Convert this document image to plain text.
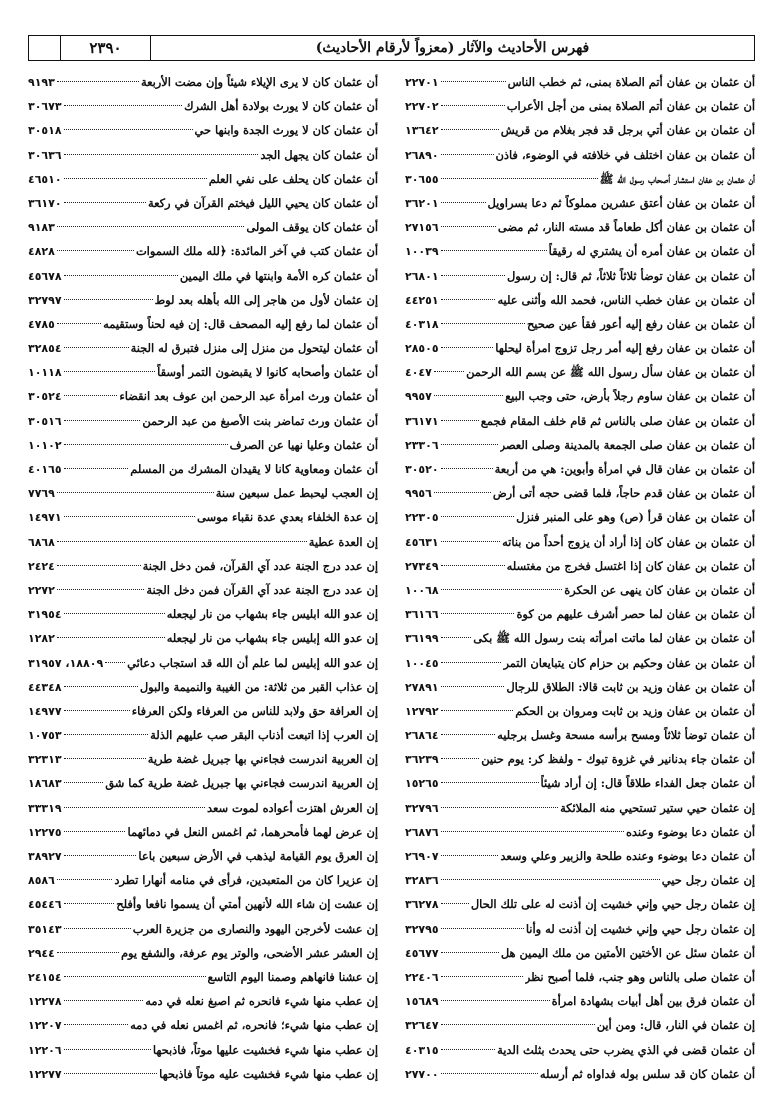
٢٣٩٠	فهرس الأحاديث والآثار (معزواً لأرقام الأحاديث)
أن عثمان بن عفان أتم الصلاة بمنى، ثم خطب الناس
٢٢٧٠١
أن عثمان بن عفان أتم الصلاة بمنى من أجل الأعراب
٢٢٧٠٢
أن عثمان بن عفان أتي برجل قد فجر بغلام من قريش
١٣٦٤٢
أن عثمان بن عفان اختلف في خلافته في الوضوء، فاذن
٢٦٨٩٠
أن عثمان بن عفان استشار أصحاب رسول الله ﷺ
٣٠٦٥٥
أن عثمان بن عفان أعتق عشرين مملوكاً ثم دعا بسراويل
٣٦٢٠١
أن عثمان بن عفان أكل طعاماً قد مسته النار، ثم مضى
٢٧١٥٦
أن عثمان بن عفان أمره أن يشتري له رقيقاً
١٠٠٣٩
أن عثمان بن عفان توضأ ثلاثاً ثلاثاً، ثم قال: إن رسول
٢٦٨٠١
أن عثمان بن عفان خطب الناس، فحمد الله وأثنى عليه
٤٤٢٥١
أن عثمان بن عفان رفع إليه أعور فقأ عين صحيح
٤٠٣١٨
أن عثمان بن عفان رفع إليه أمر رجل تزوج امرأة ليحلها
٢٨٥٠٥
أن عثمان بن عفان سأل رسول الله ﷺ عن بسم الله الرحمن
٤٠٤٧
أن عثمان بن عفان ساوم رجلاً بأرض، حتى وجب البيع
٩٩٥٧
أن عثمان بن عفان صلى بالناس ثم قام خلف المقام فجمع
٣٦١٧١
أن عثمان بن عفان صلى الجمعة بالمدينة وصلى العصر
٢٣٣٠٦
أن عثمان بن عفان قال في امرأة وأبوين: هي من أربعة
٣٠٥٢٠
أن عثمان بن عفان قدم حاجاً، فلما قضى حجه أتى أرض
٩٩٥٦
أن عثمان بن عفان قرأ (ص) وهو على المنبر فنزل
٢٢٣٠٥
أن عثمان بن عفان كان إذا أراد أن يزوج أحداً من بناته
٤٥٦٣١
أن عثمان بن عفان كان إذا اغتسل فخرج من مغتسله
٢٧٣٤٩
أن عثمان بن عفان كان ينهى عن الحكرة
١٠٠٦٨
أن عثمان بن عفان لما حصر أشرف عليهم من كوة
٣٦١٦٦
أن عثمان بن عفان لما ماتت امرأته بنت رسول الله ﷺ بكى
٣٦١٩٩
أن عثمان بن عفان وحكيم بن حزام كان يتبايعان التمر
١٠٠٤٥
أن عثمان بن عفان وزيد بن ثابت قالا: الطلاق للرجال
٢٧٨٩١
أن عثمان بن عفان وزيد بن ثابت ومروان بن الحكم
١٢٧٩٢
أن عثمان توضأ ثلاثاً ومسح برأسه مسحة وغسل برجليه
٢٦٨٦٤
أن عثمان جاء بدنانير في غزوة تبوك - ولفظ كر: يوم حنين
٣٦٢٣٩
أن عثمان جعل الفداء طلاقاً قال: إن أراد شيئاً
١٥٢٦٥
إن عثمان حيي ستير تستحيي منه الملائكة
٣٢٧٩٦
أن عثمان دعا بوضوء وعنده
٢٦٨٧٦
أن عثمان دعا بوضوء وعنده طلحة والزبير وعلي وسعد
٢٦٩٠٧
إن عثمان رجل حيي
٣٢٨٣٦
إن عثمان رجل حيي وإني خشيت إن أذنت له على تلك الحال
٣٦٢٧٨
إن عثمان رجل حيي وإني خشيت إن أذنت له وأنا
٣٢٧٩٥
أن عثمان سئل عن الأختين الأمتين من ملك اليمين هل
٤٥٦٧٧
أن عثمان صلى بالناس وهو جنب، فلما أصبح نظر
٢٢٤٠٦
أن عثمان فرق بين أهل أبيات بشهادة امرأة
١٥٦٨٩
إن عثمان في النار، قال: ومن أين
٣٢٦٤٧
أن عثمان قضى في الذي يضرب حتى يحدث بثلث الدية
٤٠٣١٥
أن عثمان كان قد سلس بوله فداواه ثم أرسله
٢٧٧٠٠
أن عثمان كان لا يرى الإيلاء شيئاً وإن مضت الأربعة
٩١٩٣
أن عثمان كان لا يورث بولادة أهل الشرك
٣٠٦٧٣
أن عثمان كان لا يورث الجدة وابنها حي
٣٠٥١٨
أن عثمان كان يجهل الجد
٣٠٦٣٦
أن عثمان كان يحلف على نفي العلم
٤٦٥١٠
أن عثمان كان يحيي الليل فيختم القرآن في ركعة
٣٦١٧٠
أن عثمان كان يوقف المولى
٩١٨٣
أن عثمان كتب في آخر المائدة: ﴿لله ملك السموات
٤٨٢٨
أن عثمان كره الأمة وابنتها في ملك اليمين
٤٥٦٧٨
إن عثمان لأول من هاجر إلى الله بأهله بعد لوط
٣٢٧٩٧
أن عثمان لما رفع إليه المصحف قال: إن فيه لحناً وستقيمه
٤٧٨٥
أن عثمان ليتحول من منزل إلى منزل فتبرق له الجنة
٣٢٨٥٤
أن عثمان وأصحابه كانوا لا يقبضون التمر أوسقاً
١٠١١٨
أن عثمان ورث امرأة عبد الرحمن ابن عوف بعد انقضاء
٣٠٥٢٤
أن عثمان ورث تماضر بنت الأصبغ من عبد الرحمن
٣٠٥١٦
أن عثمان وعليا نهيا عن الصرف
١٠١٠٢
أن عثمان ومعاوية كانا لا يقيدان المشرك من المسلم
٤٠١٦٥
إن العجب ليحبط عمل سبعين سنة
٧٧٦٩
إن عدة الخلفاء بعدي عدة نقباء موسى
١٤٩٧١
إن العدة عطية
٦٨٦٨
إن عدد درج الجنة عدد آي القرآن، فمن دخل الجنة
٢٤٢٤
إن عدد درج الجنة عدد آي القرآن فمن دخل الجنة
٢٢٧٢
إن عدو الله ابليس جاء بشهاب من نار ليجعله
٣١٩٥٤
إن عدو الله إبليس جاء بشهاب من نار ليجعله
١٢٨٢
إن عدو الله إبليس لما علم أن الله قد استجاب دعائي
١٨٨٠٩، ٣١٩٥٧
إن عذاب القبر من ثلاثة: من الغيبة والنميمة والبول
٤٤٣٤٨
إن العرافة حق ولابد للناس من العرفاء ولكن العرفاء
١٤٩٧٧
إن العرب إذا اتبعت أذناب البقر صب عليهم الذلة
١٠٧٥٣
إن العربية اندرست فجاءني بها جبريل غضة طرية
٣٢٣١٣
إن العربية اندرست فجاءني بها جبريل غضة طرية كما شق
١٨٦٨٣
إن العرش اهتزت أعواده لموت سعد
٣٣٣١٩
إن عرض لهما فأمحرهما، ثم اغمس النعل في دمائهما
١٢٢٧٥
إن العرق يوم القيامة ليذهب في الأرض سبعين باعا
٣٨٩٢٧
إن عزيرا كان من المتعبدين، فرأى في منامه أنهارا تطرد
٨٥٨٦
إن عشت إن شاء الله لأنهين أمتي أن يسموا نافعا وأفلح
٤٥٤٤٦
إن عشت لأخرجن اليهود والنصارى من جزيرة العرب
٣٥١٤٣
إن العشر عشر الأضحى، والوتر يوم عرفة، والشفع يوم
٢٩٤٤
إن عشنا فانهاهم وصمنا اليوم التاسع
٢٤١٥٤
إن عطب منها شيء فانحره ثم اصبغ نعله في دمه
١٢٢٧٨
إن عطب منها شيء؛ فانحره، ثم اغمس نعله في دمه
١٢٢٠٧
إن عطب منها شيء فخشيت عليها موتاً، فاذبحها
١٢٢٠٦
إن عطب منها شيء فخشيت عليه موتاً فاذبحها
١٢٢٧٧
